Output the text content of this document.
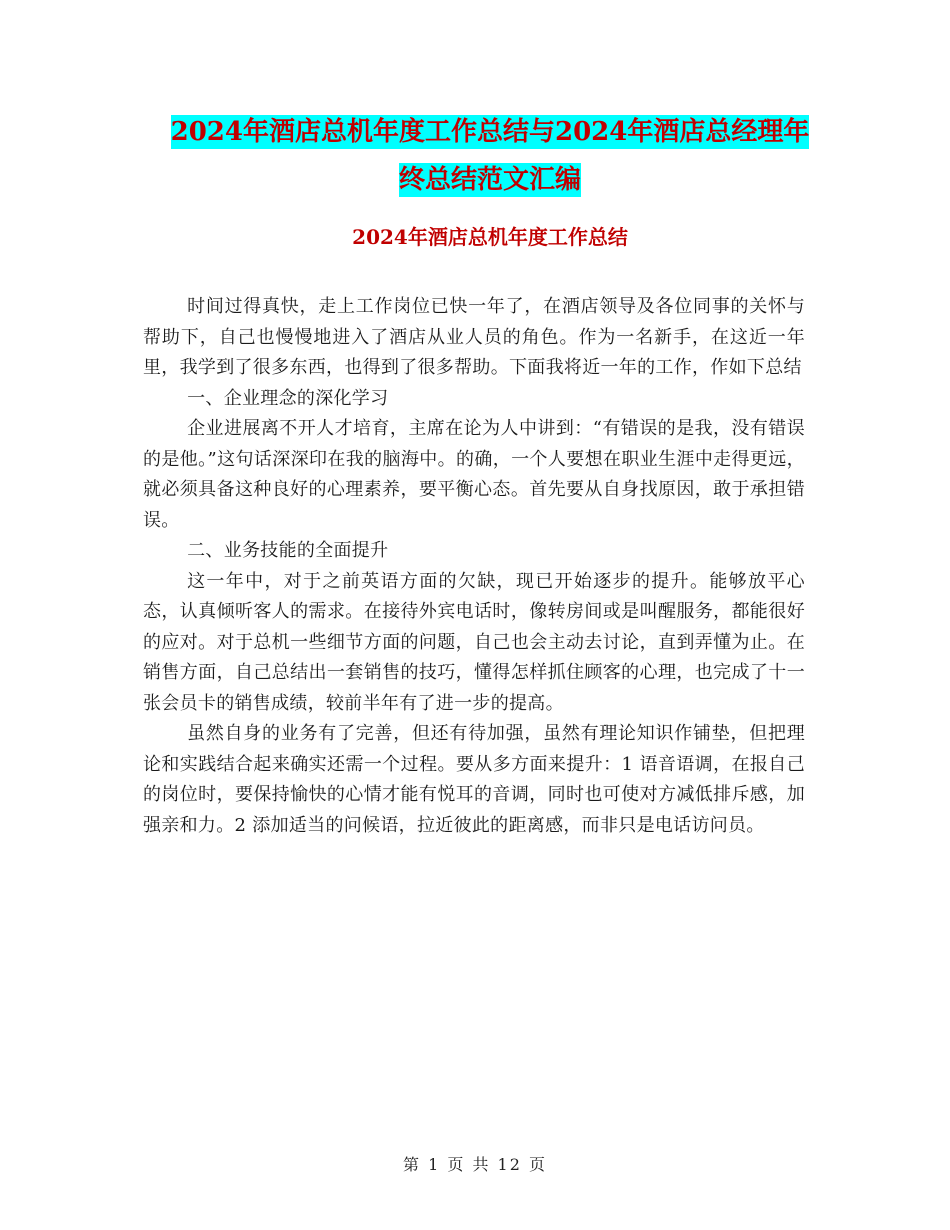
2024年酒店总机年度工作总结与2024年酒店总经理年
终总结范文汇编
2024年酒店总机年度工作总结

时间过得真快，走上工作岗位已快一年了，在酒店领导及各位同事的关怀与帮助下，自己也慢慢地进入了酒店从业人员的角色。作为一名新手，在这近一年里，我学到了很多东西，也得到了很多帮助。下面我将近一年的工作，作如下总结

一、企业理念的深化学习

企业进展离不开人才培育，主席在论为人中讲到：“有错误的是我，没有错误的是他。”这句话深深印在我的脑海中。的确，一个人要想在职业生涯中走得更远，就必须具备这种良好的心理素养，要平衡心态。首先要从自身找原因，敢于承担错误。

二、业务技能的全面提升

这一年中，对于之前英语方面的欠缺，现已开始逐步的提升。能够放平心态，认真倾听客人的需求。在接待外宾电话时，像转房间或是叫醒服务，都能很好的应对。对于总机一些细节方面的问题，自己也会主动去讨论，直到弄懂为止。在销售方面，自己总结出一套销售的技巧，懂得怎样抓住顾客的心理，也完成了十一张会员卡的销售成绩，较前半年有了进一步的提高。

虽然自身的业务有了完善，但还有待加强，虽然有理论知识作铺垫，但把理论和实践结合起来确实还需一个过程。要从多方面来提升：1 语音语调，在报自己的岗位时，要保持愉快的心情才能有悦耳的音调，同时也可使对方减低排斥感，加强亲和力。2 添加适当的问候语，拉近彼此的距离感，而非只是电话访问员。

第 1 页 共 12 页
